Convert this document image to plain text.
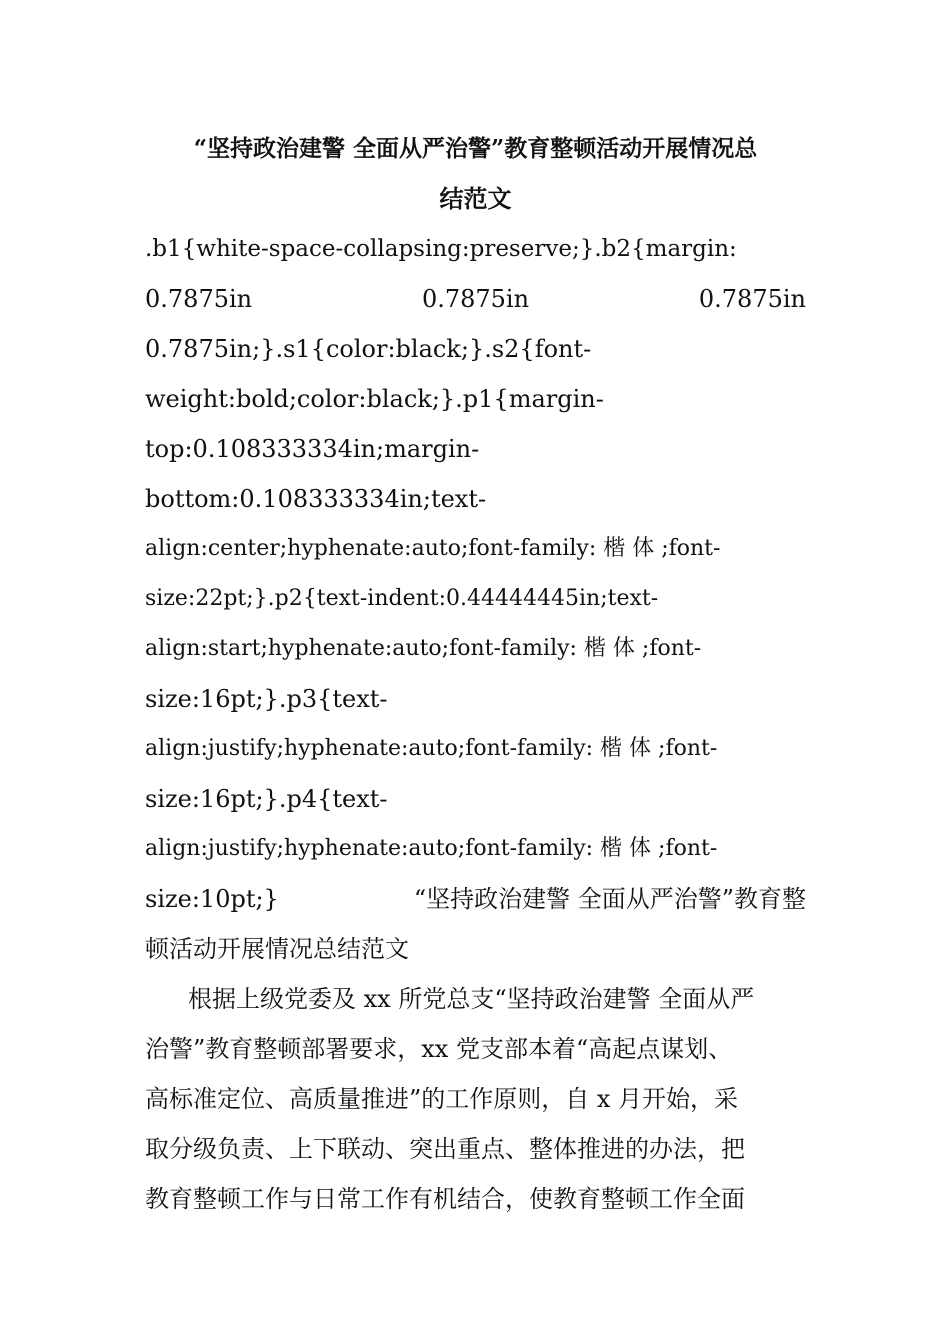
“坚持政治建警 全面从严治警”教育整顿活动开展情况总
结范文

.b1{white-space-collapsing:preserve;}.b2{margin:

0.7875in	0.7875in	0.7875in

0.7875in;}.s1{color:black;}.s2{font-

weight:bold;color:black;}.p1{margin-

top:0.108333334in;margin-

bottom:0.108333334in;text-

align:center;hyphenate:auto;font-family: 楷 体 ;font-

size:22pt;}.p2{text-indent:0.44444445in;text-

align:start;hyphenate:auto;font-family: 楷 体 ;font-

size:16pt;}.p3{text-

align:justify;hyphenate:auto;font-family: 楷 体 ;font-

size:16pt;}.p4{text-

align:justify;hyphenate:auto;font-family: 楷 体 ;font-

size:10pt;}	“坚持政治建警 全面从严治警”教育整

顿活动开展情况总结范文

根据上级党委及 xx 所党总支“坚持政治建警 全面从严

治警”教育整顿部署要求，xx 党支部本着“高起点谋划、

高标准定位、高质量推进”的工作原则，自 x 月开始，采

取分级负责、上下联动、突出重点、整体推进的办法，把

教育整顿工作与日常工作有机结合，使教育整顿工作全面
